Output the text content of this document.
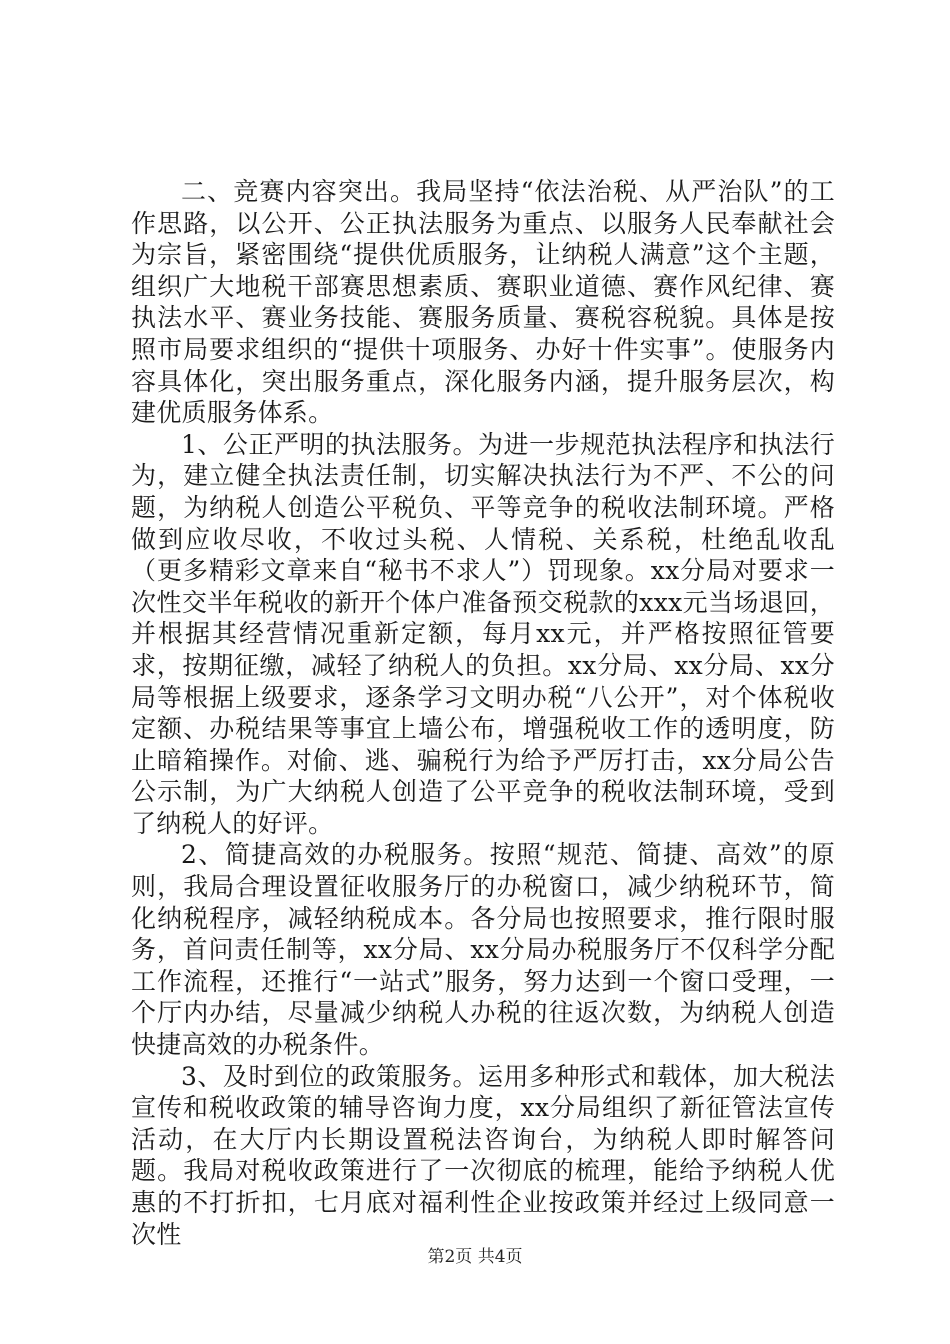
二、竞赛内容突出。我局坚持“依法治税、从严治队”的工作思路，以公开、公正执法服务为重点、以服务人民奉献社会为宗旨，紧密围绕“提供优质服务，让纳税人满意”这个主题，组织广大地税干部赛思想素质、赛职业道德、赛作风纪律、赛执法水平、赛业务技能、赛服务质量、赛税容税貌。具体是按照市局要求组织的“提供十项服务、办好十件实事”。使服务内容具体化，突出服务重点，深化服务内涵，提升服务层次，构建优质服务体系。

1、公正严明的执法服务。为进一步规范执法程序和执法行为，建立健全执法责任制，切实解决执法行为不严、不公的问题，为纳税人创造公平税负、平等竞争的税收法制环境。严格做到应收尽收，不收过头税、人情税、关系税，杜绝乱收乱（更多精彩文章来自“秘书不求人”）罚现象。xx分局对要求一次性交半年税收的新开个体户准备预交税款的xxx元当场退回，并根据其经营情况重新定额，每月xx元，并严格按照征管要求，按期征缴，减轻了纳税人的负担。xx分局、xx分局、xx分局等根据上级要求，逐条学习文明办税“八公开”，对个体税收定额、办税结果等事宜上墙公布，增强税收工作的透明度，防止暗箱操作。对偷、逃、骗税行为给予严厉打击，xx分局公告公示制，为广大纳税人创造了公平竞争的税收法制环境，受到了纳税人的好评。

2、简捷高效的办税服务。按照“规范、简捷、高效”的原则，我局合理设置征收服务厅的办税窗口，减少纳税环节，简化纳税程序，减轻纳税成本。各分局也按照要求，推行限时服务，首问责任制等，xx分局、xx分局办税服务厅不仅科学分配工作流程，还推行“一站式”服务，努力达到一个窗口受理，一个厅内办结，尽量减少纳税人办税的往返次数，为纳税人创造快捷高效的办税条件。

3、及时到位的政策服务。运用多种形式和载体，加大税法宣传和税收政策的辅导咨询力度，xx分局组织了新征管法宣传活动，在大厅内长期设置税法咨询台，为纳税人即时解答问题。我局对税收政策进行了一次彻底的梳理，能给予纳税人优惠的不打折扣，七月底对福利性企业按政策并经过上级同意一次性

第2页 共4页
